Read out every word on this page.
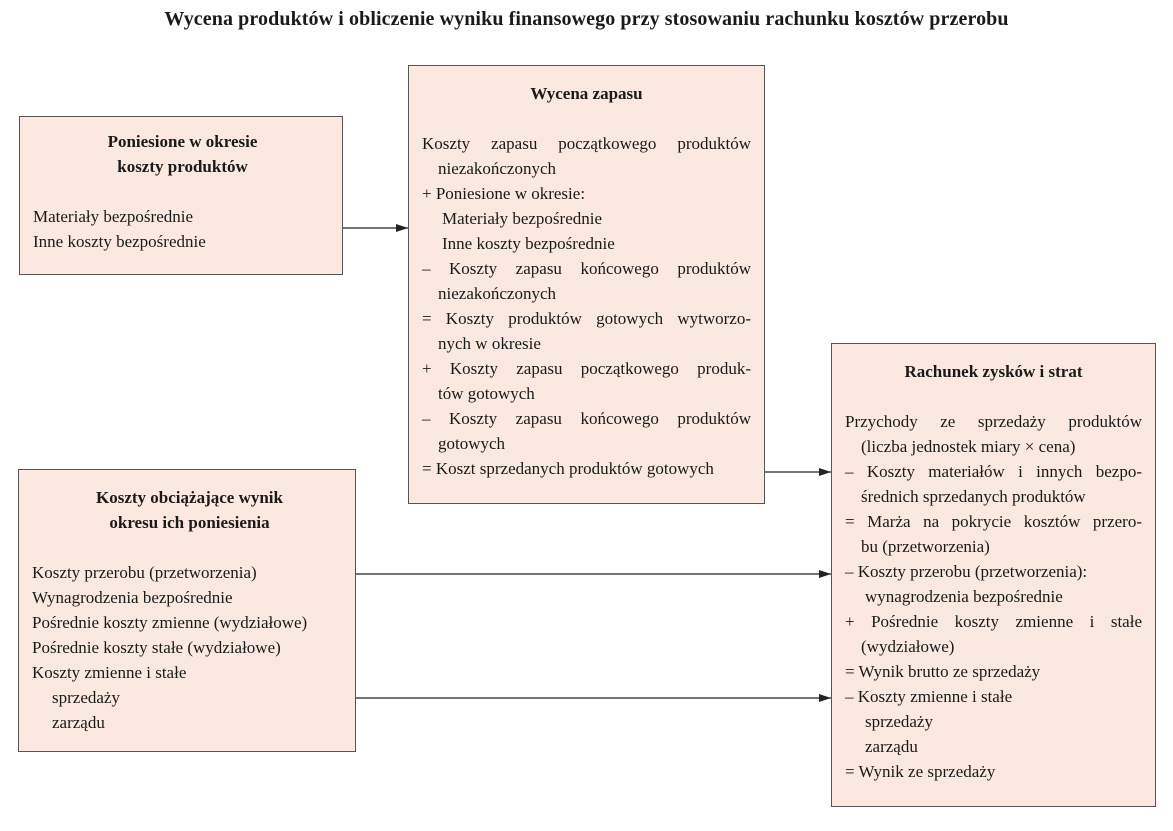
Wycena produktów i obliczenie wyniku finansowego przy stosowaniu rachunku kosztów przerobu
Poniesione w okresie
koszty produktów
Materiały bezpośrednie
Inne koszty bezpośrednie
Koszty obciążające wynik
okresu ich poniesienia
Koszty przerobu (przetworzenia)
Wynagrodzenia bezpośrednie
Pośrednie koszty zmienne (wydziałowe)
Pośrednie koszty stałe (wydziałowe)
Koszty zmienne i stałe
sprzedaży
zarządu
Wycena zapasu
Koszty zapasu początkowego produktów
niezakończonych
+ Poniesione w okresie:
Materiały bezpośrednie
Inne koszty bezpośrednie
– Koszty zapasu końcowego produktów
niezakończonych
= Koszty produktów gotowych wytworzo-
nych w okresie
+ Koszty zapasu początkowego produk-
tów gotowych
– Koszty zapasu końcowego produktów
gotowych
= Koszt sprzedanych produktów gotowych
Rachunek zysków i strat
Przychody ze sprzedaży produktów
(liczba jednostek miary × cena)
– Koszty materiałów i innych bezpo-
średnich sprzedanych produktów
= Marża na pokrycie kosztów przero-
bu (przetworzenia)
– Koszty przerobu (przetworzenia):
wynagrodzenia bezpośrednie
+ Pośrednie koszty zmienne i stałe
(wydziałowe)
= Wynik brutto ze sprzedaży
– Koszty zmienne i stałe
sprzedaży
zarządu
= Wynik ze sprzedaży
